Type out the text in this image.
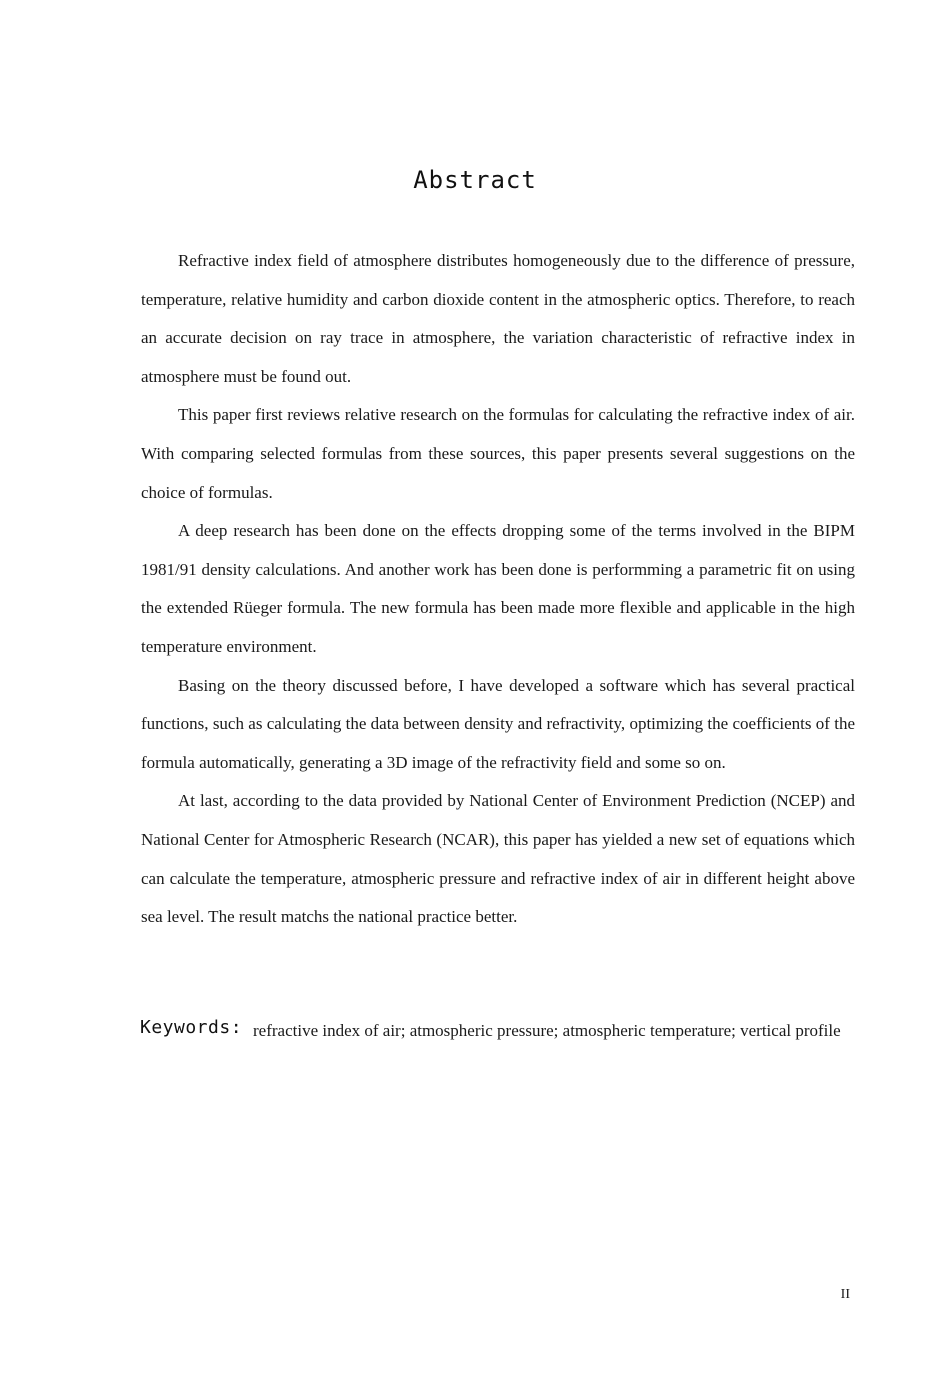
Abstract

Refractive index field of atmosphere distributes homogeneously due to the difference of pressure, temperature, relative humidity and carbon dioxide content in the atmospheric optics. Therefore, to reach an accurate decision on ray trace in atmosphere, the variation characteristic of refractive index in atmosphere must be found out.

This paper first reviews relative research on the formulas for calculating the refractive index of air. With comparing selected formulas from these sources, this paper presents several suggestions on the choice of formulas.

A deep research has been done on the effects dropping some of the terms involved in the BIPM 1981/91 density calculations. And another work has been done is performming a parametric fit on using the extended Rüeger formula. The new formula has been made more flexible and applicable in the high temperature environment.

Basing on the theory discussed before, I have developed a software which has several practical functions, such as calculating the data between density and refractivity, optimizing the coefficients of the formula automatically, generating a 3D image of the refractivity field and some so on.

At last, according to the data provided by National Center of Environment Prediction (NCEP) and National Center for Atmospheric Research (NCAR), this paper has yielded a new set of equations which can calculate the temperature, atmospheric pressure and refractive index of air in different height above sea level. The result matchs the national practice better.

Keywords: refractive index of air; atmospheric pressure; atmospheric temperature; vertical profile
II
